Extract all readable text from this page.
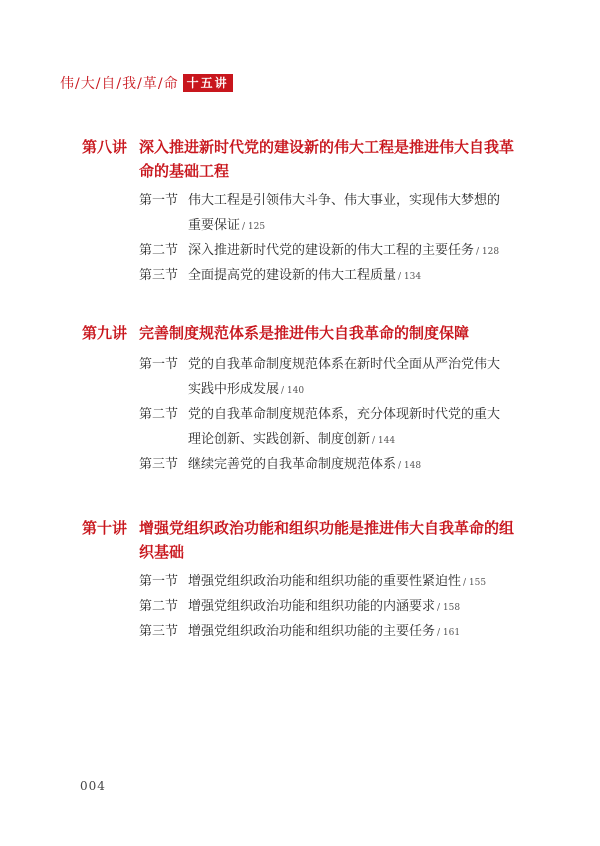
伟/大/自/我/革/命 十五讲
第八讲 深入推进新时代党的建设新的伟大工程是推进伟大自我革命的基础工程
第一节 伟大工程是引领伟大斗争、伟大事业，实现伟大梦想的重要保证 / 125
第二节 深入推进新时代党的建设新的伟大工程的主要任务 / 128
第三节 全面提高党的建设新的伟大工程质量 / 134
第九讲 完善制度规范体系是推进伟大自我革命的制度保障
第一节 党的自我革命制度规范体系在新时代全面从严治党伟大实践中形成发展 / 140
第二节 党的自我革命制度规范体系，充分体现新时代党的重大理论创新、实践创新、制度创新 / 144
第三节 继续完善党的自我革命制度规范体系 / 148
第十讲 增强党组织政治功能和组织功能是推进伟大自我革命的组织基础
第一节 增强党组织政治功能和组织功能的重要性紧迫性 / 155
第二节 增强党组织政治功能和组织功能的内涵要求 / 158
第三节 增强党组织政治功能和组织功能的主要任务 / 161
004
